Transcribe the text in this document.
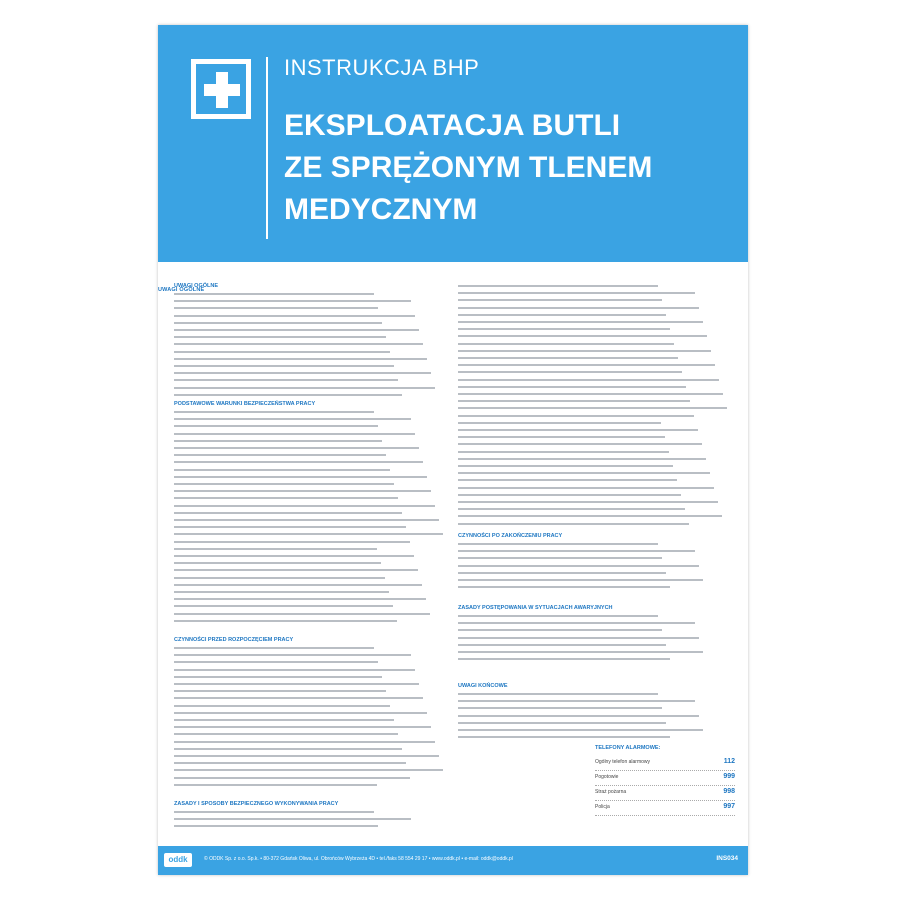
INSTRUKCJA BHP
EKSPLOATACJA BUTLI
ZE SPRĘŻONYM TLENEM
MEDYCZNYM
UWAGI OGÓLNE
TELEFONY ALARMOWE:
Ogólny telefon alarmowy	112
Pogotowie	999
Straż pożarna	998
Policja	997
oddk	© ODDK Sp. z o.o. Sp.k. • 80-372 Gdańsk Oliwa, ul. Obrońców Wybrzeża 4D • tel./faks 58 554 29 17 • www.oddk.pl • e-mail: oddk@oddk.pl	INS034
UWAGI OGÓLNE
PODSTAWOWE WARUNKI BEZPIECZEŃSTWA PRACY
CZYNNOŚCI PRZED ROZPOCZĘCIEM PRACY
ZASADY I SPOSOBY BEZPIECZNEGO WYKONYWANIA PRACY
CZYNNOŚCI PO ZAKOŃCZENIU PRACY
ZASADY POSTĘPOWANIA W SYTUACJACH AWARYJNYCH
UWAGI KOŃCOWE
